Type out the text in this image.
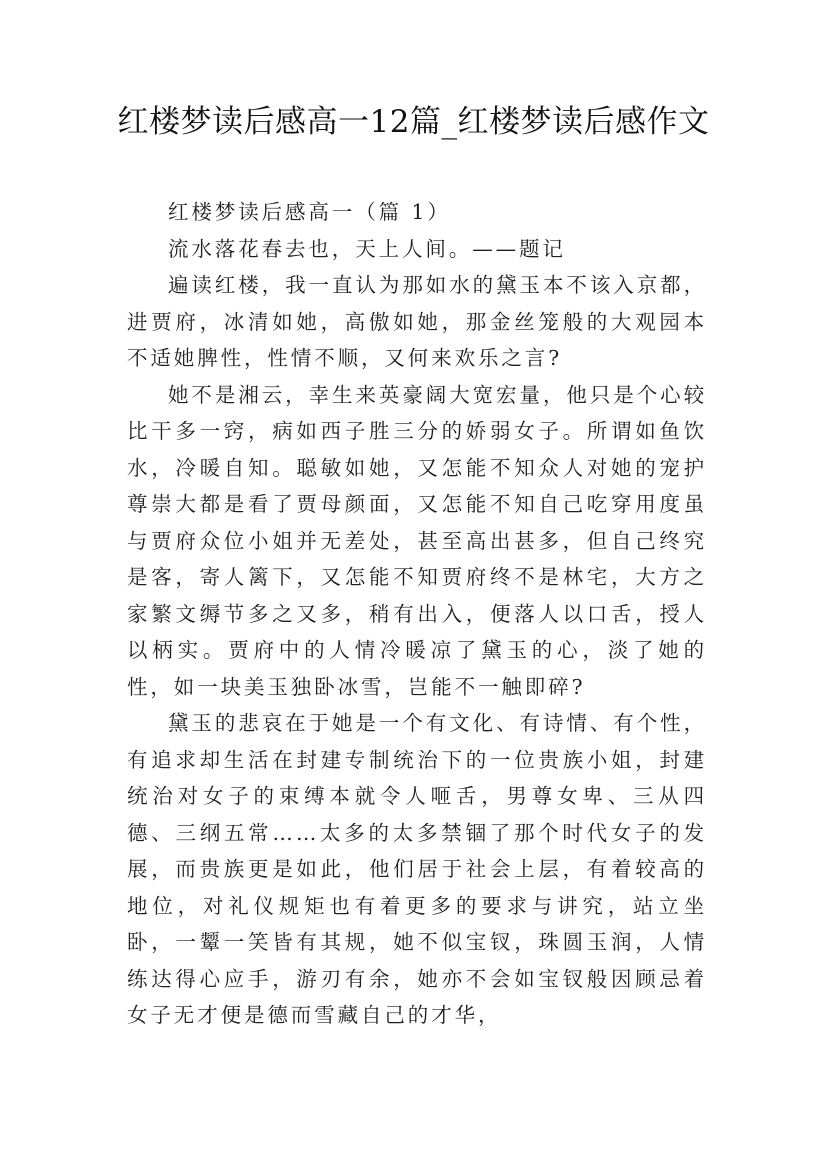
红楼梦读后感高一12篇_红楼梦读后感作文

红楼梦读后感高一（篇 1）

流水落花春去也，天上人间。——题记

遍读红楼，我一直认为那如水的黛玉本不该入京都，进贾府，冰清如她，高傲如她，那金丝笼般的大观园本不适她脾性，性情不顺，又何来欢乐之言?

她不是湘云，幸生来英豪阔大宽宏量，他只是个心较比干多一窍，病如西子胜三分的娇弱女子。所谓如鱼饮水，冷暖自知。聪敏如她，又怎能不知众人对她的宠护尊崇大都是看了贾母颜面，又怎能不知自己吃穿用度虽与贾府众位小姐并无差处，甚至高出甚多，但自己终究是客，寄人篱下，又怎能不知贾府终不是林宅，大方之家繁文缛节多之又多，稍有出入，便落人以口舌，授人以柄实。贾府中的人情冷暖凉了黛玉的心，淡了她的性，如一块美玉独卧冰雪，岂能不一触即碎?

黛玉的悲哀在于她是一个有文化、有诗情、有个性，有追求却生活在封建专制统治下的一位贵族小姐，封建统治对女子的束缚本就令人咂舌，男尊女卑、三从四德、三纲五常……太多的太多禁锢了那个时代女子的发展，而贵族更是如此，他们居于社会上层，有着较高的地位，对礼仪规矩也有着更多的要求与讲究，站立坐卧，一颦一笑皆有其规，她不似宝钗，珠圆玉润，人情练达得心应手，游刃有余，她亦不会如宝钗般因顾忌着女子无才便是德而雪藏自己的才华，
